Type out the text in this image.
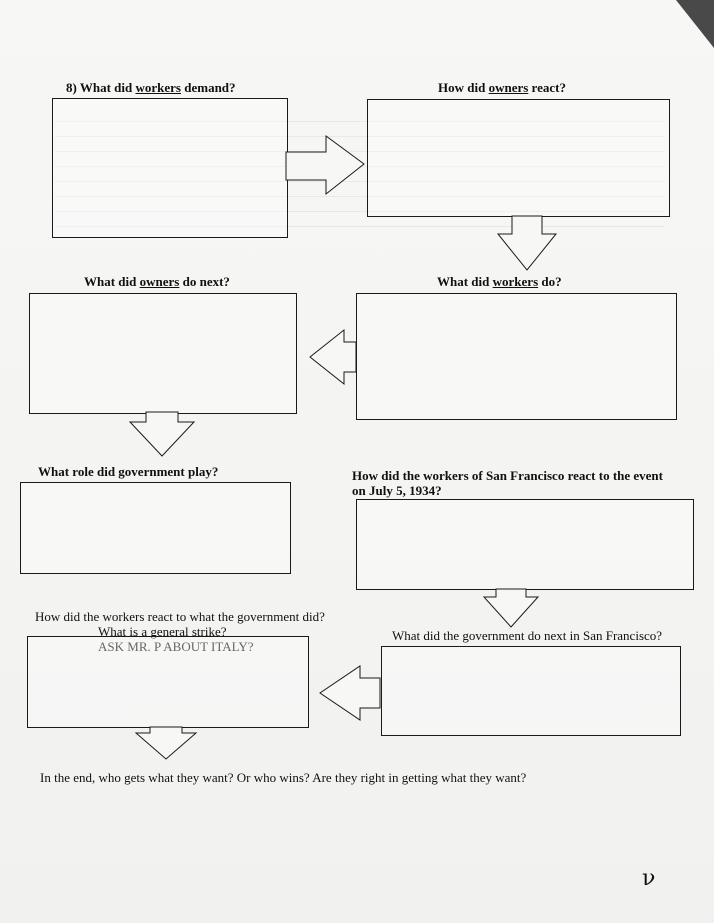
8) What did workers demand?	How did owners react?
What did owners do next?	What did workers do?
What role did government play?	How did the workers of San Francisco react to the event
on July 5, 1934?
How did the workers react to what the government did?
What is a general strike?
ASK MR. P ABOUT ITALY?
What did the government do next in San Francisco?
In the end, who gets what they want? Or who wins? Are they right in getting what they want?
ν
